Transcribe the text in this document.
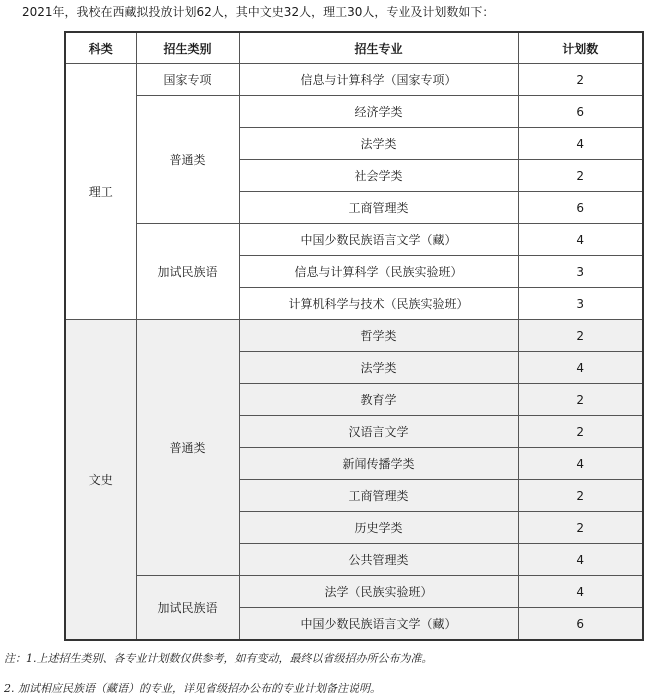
2021年，我校在西藏拟投放计划62人，其中文史32人，理工30人，专业及计划数如下：
科类	招生类别	招生专业	计划数
理工	国家专项	信息与计算科学（国家专项）	2
	普通类	经济学类	6
		法学类	4
		社会学类	2
		工商管理类	6
	加试民族语	中国少数民族语言文学（藏）	4
		信息与计算科学（民族实验班）	3
		计算机科学与技术（民族实验班）	3
文史	普通类	哲学类	2
		法学类	4
		教育学	2
		汉语言文学	2
		新闻传播学类	4
		工商管理类	2
		历史学类	2
		公共管理类	4
	加试民族语	法学（民族实验班）	4
		中国少数民族语言文学（藏）	6
注：1.上述招生类别、各专业计划数仅供参考，如有变动，最终以省级招办所公布为准。
2. 加试相应民族语（藏语）的专业，详见省级招办公布的专业计划备注说明。
